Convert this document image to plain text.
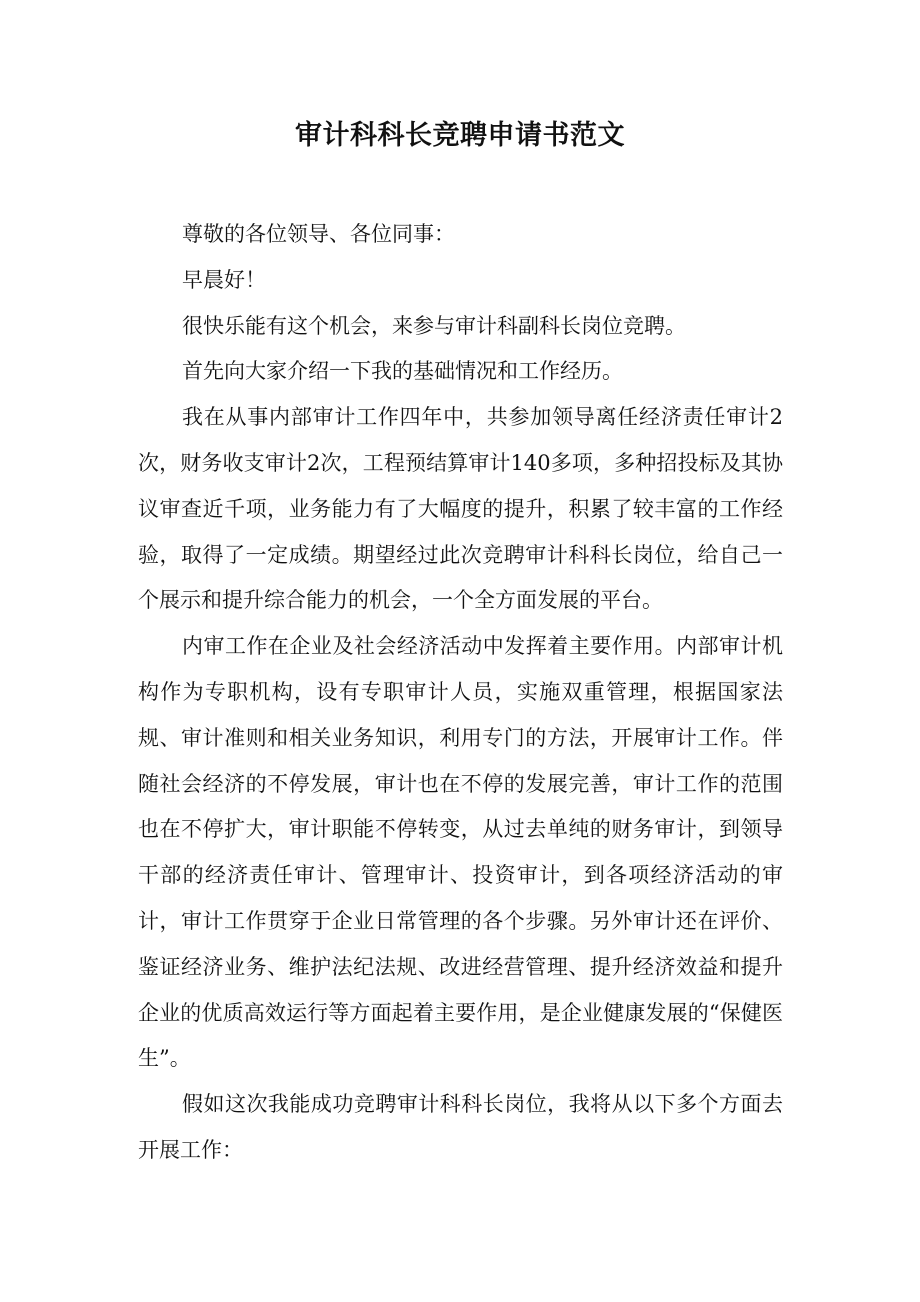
审计科科长竞聘申请书范文

尊敬的各位领导、各位同事：

早晨好！

很快乐能有这个机会，来参与审计科副科长岗位竞聘。

首先向大家介绍一下我的基础情况和工作经历。

我在从事内部审计工作四年中，共参加领导离任经济责任审计2次，财务收支审计2次，工程预结算审计140多项，多种招投标及其协议审查近千项，业务能力有了大幅度的提升，积累了较丰富的工作经验，取得了一定成绩。期望经过此次竞聘审计科科长岗位，给自己一个展示和提升综合能力的机会，一个全方面发展的平台。

内审工作在企业及社会经济活动中发挥着主要作用。内部审计机构作为专职机构，设有专职审计人员，实施双重管理，根据国家法规、审计准则和相关业务知识，利用专门的方法，开展审计工作。伴随社会经济的不停发展，审计也在不停的发展完善，审计工作的范围也在不停扩大，审计职能不停转变，从过去单纯的财务审计，到领导干部的经济责任审计、管理审计、投资审计，到各项经济活动的审计，审计工作贯穿于企业日常管理的各个步骤。另外审计还在评价、鉴证经济业务、维护法纪法规、改进经营管理、提升经济效益和提升企业的优质高效运行等方面起着主要作用，是企业健康发展的“保健医生”。

假如这次我能成功竞聘审计科科长岗位，我将从以下多个方面去开展工作：
